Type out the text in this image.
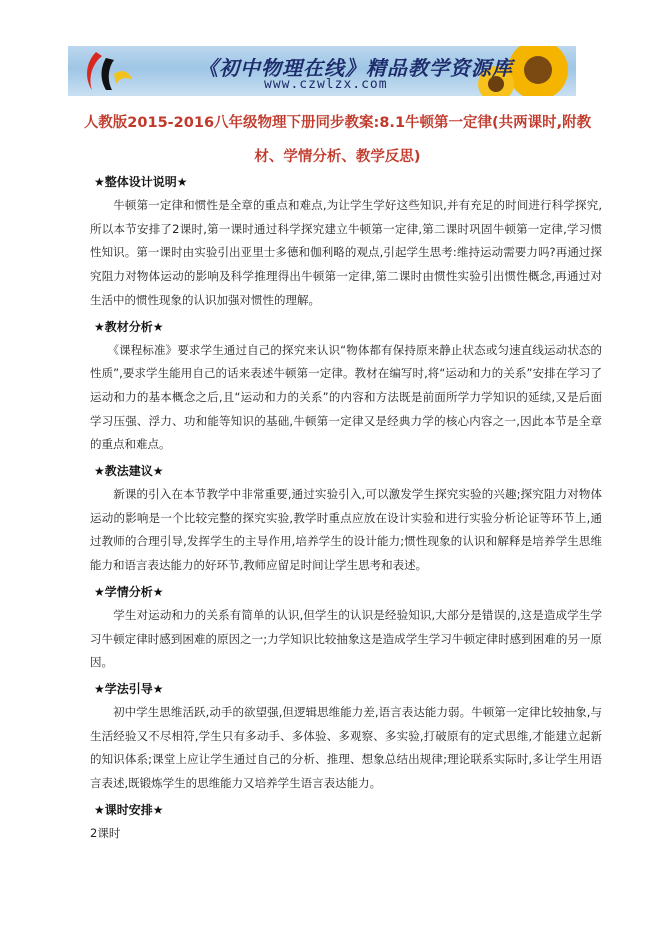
《初中物理在线》精品教学资源库
www.czwlzx.com
人教版2015-2016八年级物理下册同步教案:8.1牛顿第一定律(共两课时,附教材、学情分析、教学反思)
★整体设计说明★

　　牛顿第一定律和惯性是全章的重点和难点,为让学生学好这些知识,并有充足的时间进行科学探究,所以本节安排了2课时,第一课时通过科学探究建立牛顿第一定律,第二课时巩固牛顿第一定律,学习惯性知识。第一课时由实验引出亚里士多德和伽利略的观点,引起学生思考:维持运动需要力吗?再通过探究阻力对物体运动的影响及科学推理得出牛顿第一定律,第二课时由惯性实验引出惯性概念,再通过对生活中的惯性现象的认识加强对惯性的理解。

★教材分析★

　　《课程标准》要求学生通过自己的探究来认识“物体都有保持原来静止状态或匀速直线运动状态的性质”,要求学生能用自己的话来表述牛顿第一定律。教材在编写时,将“运动和力的关系”安排在学习了运动和力的基本概念之后,且“运动和力的关系”的内容和方法既是前面所学力学知识的延续,又是后面学习压强、浮力、功和能等知识的基础,牛顿第一定律又是经典力学的核心内容之一,因此本节是全章的重点和难点。

★教法建议★

　　新课的引入在本节教学中非常重要,通过实验引入,可以激发学生探究实验的兴趣;探究阻力对物体运动的影响是一个比较完整的探究实验,教学时重点应放在设计实验和进行实验分析论证等环节上,通过教师的合理引导,发挥学生的主导作用,培养学生的设计能力;惯性现象的认识和解释是培养学生思维能力和语言表达能力的好环节,教师应留足时间让学生思考和表述。

★学情分析★

　　学生对运动和力的关系有简单的认识,但学生的认识是经验知识,大部分是错误的,这是造成学生学习牛顿定律时感到困难的原因之一;力学知识比较抽象这是造成学生学习牛顿定律时感到困难的另一原因。

★学法引导★

　　初中学生思维活跃,动手的欲望强,但逻辑思维能力差,语言表达能力弱。牛顿第一定律比较抽象,与生活经验又不尽相符,学生只有多动手、多体验、多观察、多实验,打破原有的定式思维,才能建立起新的知识体系;课堂上应让学生通过自己的分析、推理、想象总结出规律;理论联系实际时,多让学生用语言表述,既锻炼学生的思维能力又培养学生语言表达能力。

★课时安排★

2课时
